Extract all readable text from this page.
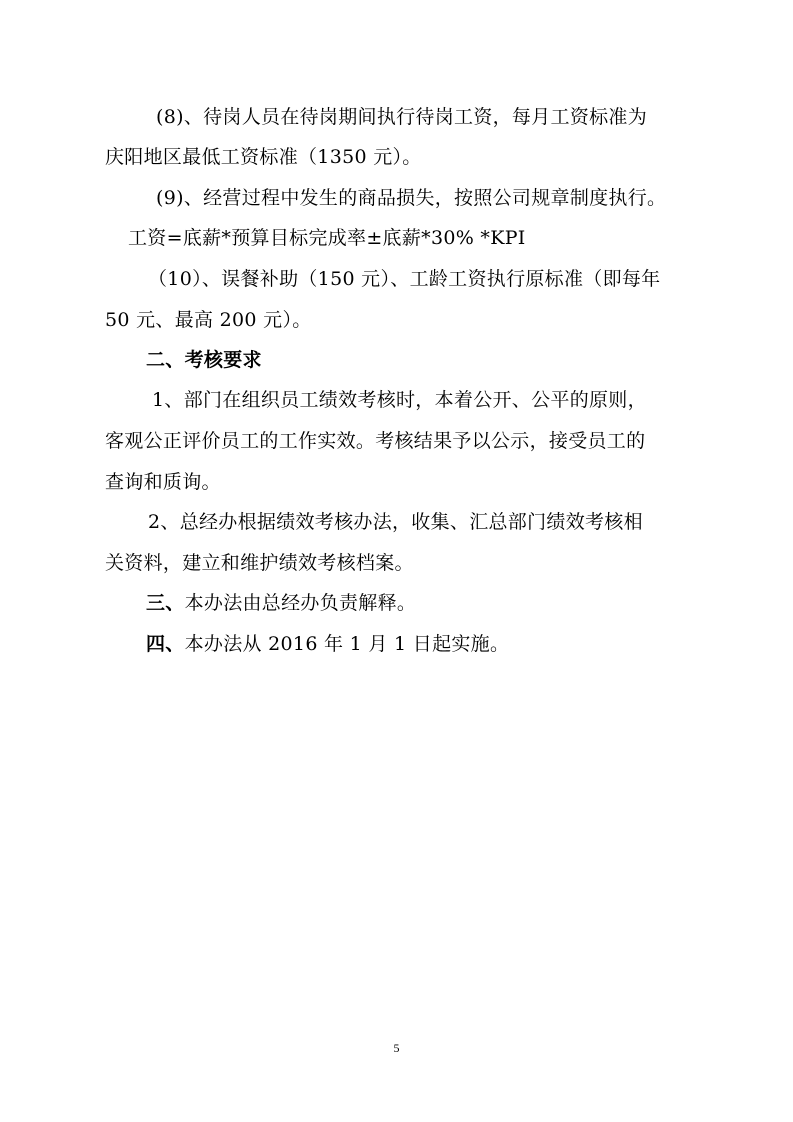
(8)、待岗人员在待岗期间执行待岗工资，每月工资标准为
庆阳地区最低工资标准（1350 元）。
(9)、经营过程中发生的商品损失，按照公司规章制度执行。
工资=底薪*预算目标完成率±底薪*30% *KPI
（10）、误餐补助（150 元）、工龄工资执行原标准（即每年
50 元、最高 200 元）。
二、考核要求
1、部门在组织员工绩效考核时，本着公开、公平的原则，
客观公正评价员工的工作实效。考核结果予以公示，接受员工的
查询和质询。
2、总经办根据绩效考核办法，收集、汇总部门绩效考核相
关资料，建立和维护绩效考核档案。
三、本办法由总经办负责解释。
四、本办法从 2016 年 1 月 1 日起实施。
5
